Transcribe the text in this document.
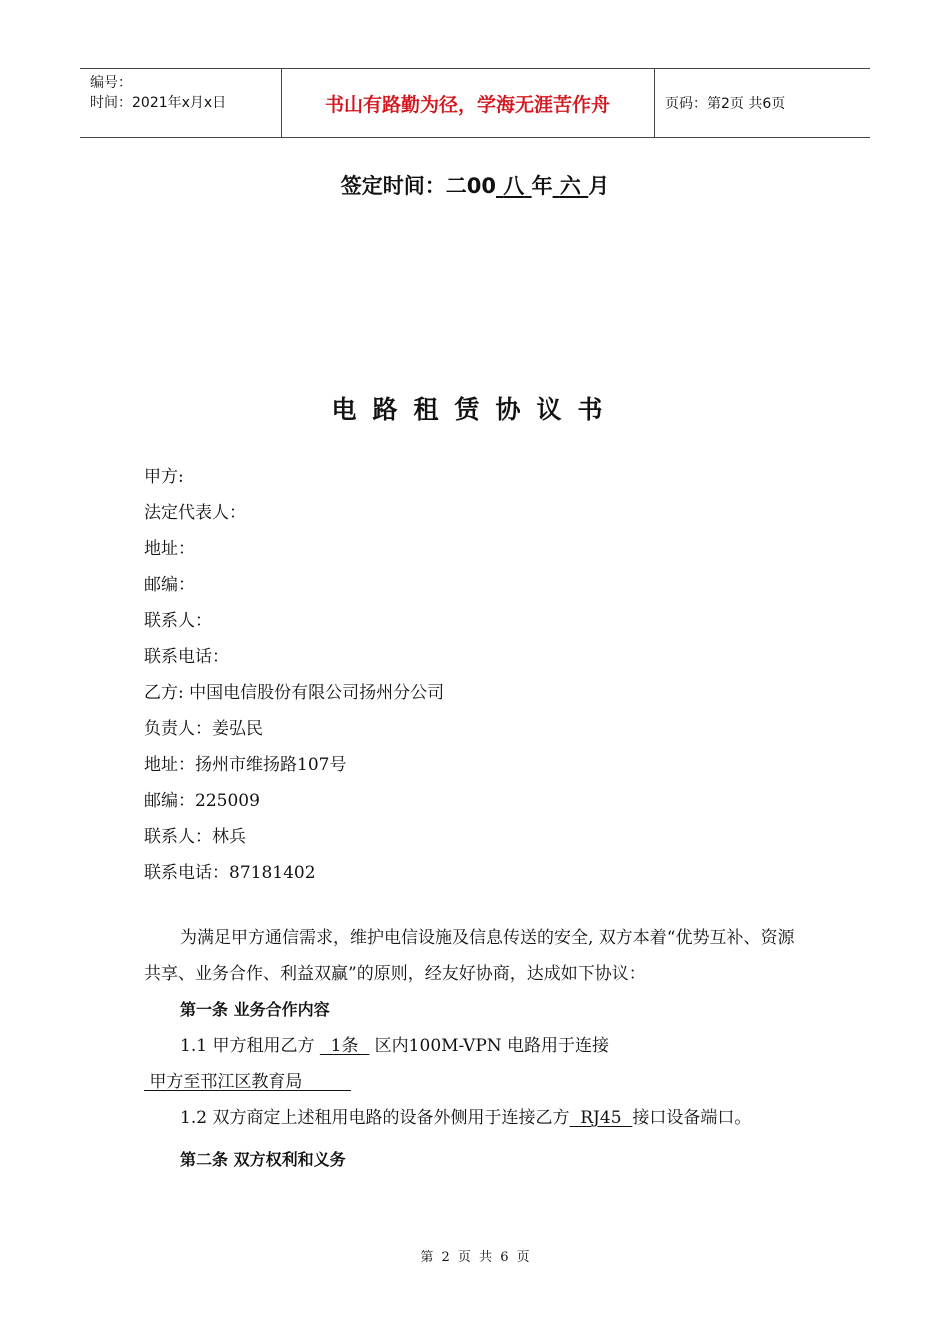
编号：
时间：2021年x月x日	书山有路勤为径，学海无涯苦作舟	页码：第2页 共6页
签定时间：二00 八 年 六 月
电路租赁协议书
甲方:
法定代表人：
地址：
邮编：
联系人：
联系电话：
乙方: 中国电信股份有限公司扬州分公司
负责人：姜弘民
地址：扬州市维扬路107号
邮编：225009
联系人：林兵
联系电话：87181402

为满足甲方通信需求，维护电信设施及信息传送的安全, 双方本着“优势互补、资源共享、业务合作、利益双赢”的原则，经友好协商，达成如下协议：

第一条 业务合作内容

1.1 甲方租用乙方   1条   区内100M-VPN 电路用于连接  甲方至邗江区教育局

1.2 双方商定上述租用电路的设备外侧用于连接乙方  RJ45  接口设备端口。

第二条 双方权利和义务

第 2 页 共 6 页
